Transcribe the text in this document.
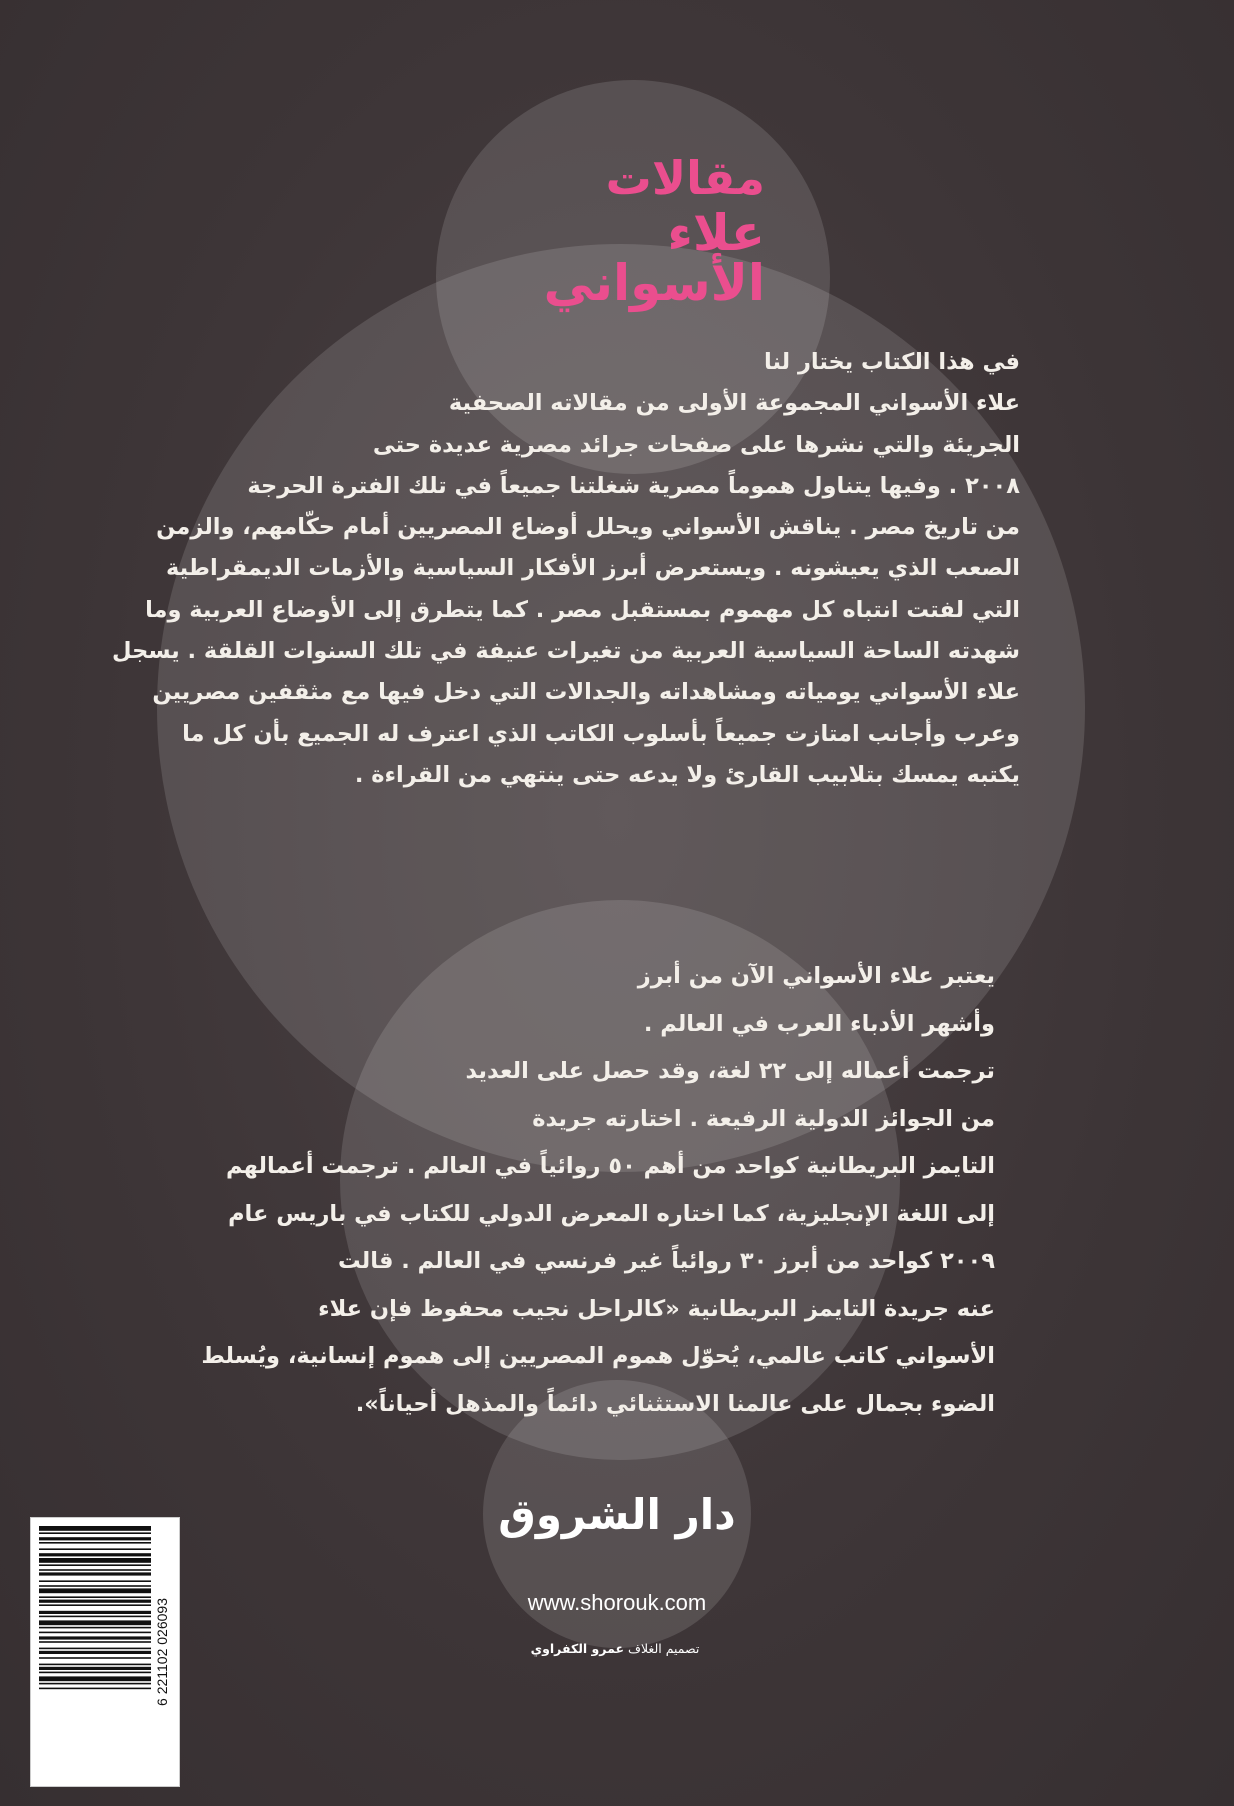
مقالات
علاء الأسواني
في هذا الكتاب يختار لنا
علاء الأسواني المجموعة الأولى من مقالاته الصحفية
الجريئة والتي نشرها على صفحات جرائد مصرية عديدة حتى
٢٠٠٨ . وفيها يتناول هموماً مصرية شغلتنا جميعاً في تلك الفترة الحرجة
من تاريخ مصر . يناقش الأسواني ويحلل أوضاع المصريين أمام حكّامهم، والزمن
الصعب الذي يعيشونه . ويستعرض أبرز الأفكار السياسية والأزمات الديمقراطية
التي لفتت انتباه كل مهموم بمستقبل مصر . كما يتطرق إلى الأوضاع العربية وما
شهدته الساحة السياسية العربية من تغيرات عنيفة في تلك السنوات القلقة . يسجل
علاء الأسواني يومياته ومشاهداته والجدالات التي دخل فيها مع مثقفين مصريين
وعرب وأجانب امتازت جميعاً بأسلوب الكاتب الذي اعترف له الجميع بأن كل ما
يكتبه يمسك بتلابيب القارئ ولا يدعه حتى ينتهي من القراءة .
يعتبر علاء الأسواني الآن من أبرز
وأشهر الأدباء العرب في العالم .
ترجمت أعماله إلى ٢٢ لغة، وقد حصل على العديد
من الجوائز الدولية الرفيعة . اختارته جريدة
التايمز البريطانية كواحد من أهم ٥٠ روائياً في العالم . ترجمت أعمالهم
إلى اللغة الإنجليزية، كما اختاره المعرض الدولي للكتاب في باريس عام
٢٠٠٩ كواحد من أبرز ٣٠ روائياً غير فرنسي في العالم . قالت
عنه جريدة التايمز البريطانية «كالراحل نجيب محفوظ فإن علاء
الأسواني كاتب عالمي، يُحوّل هموم المصريين إلى هموم إنسانية، ويُسلط
الضوء بجمال على عالمنا الاستثنائي دائماً والمذهل أحياناً».
دار الشروق
www.shorouk.com
تصميم الغلاف عمرو الكفراوي
6 221102 026093
